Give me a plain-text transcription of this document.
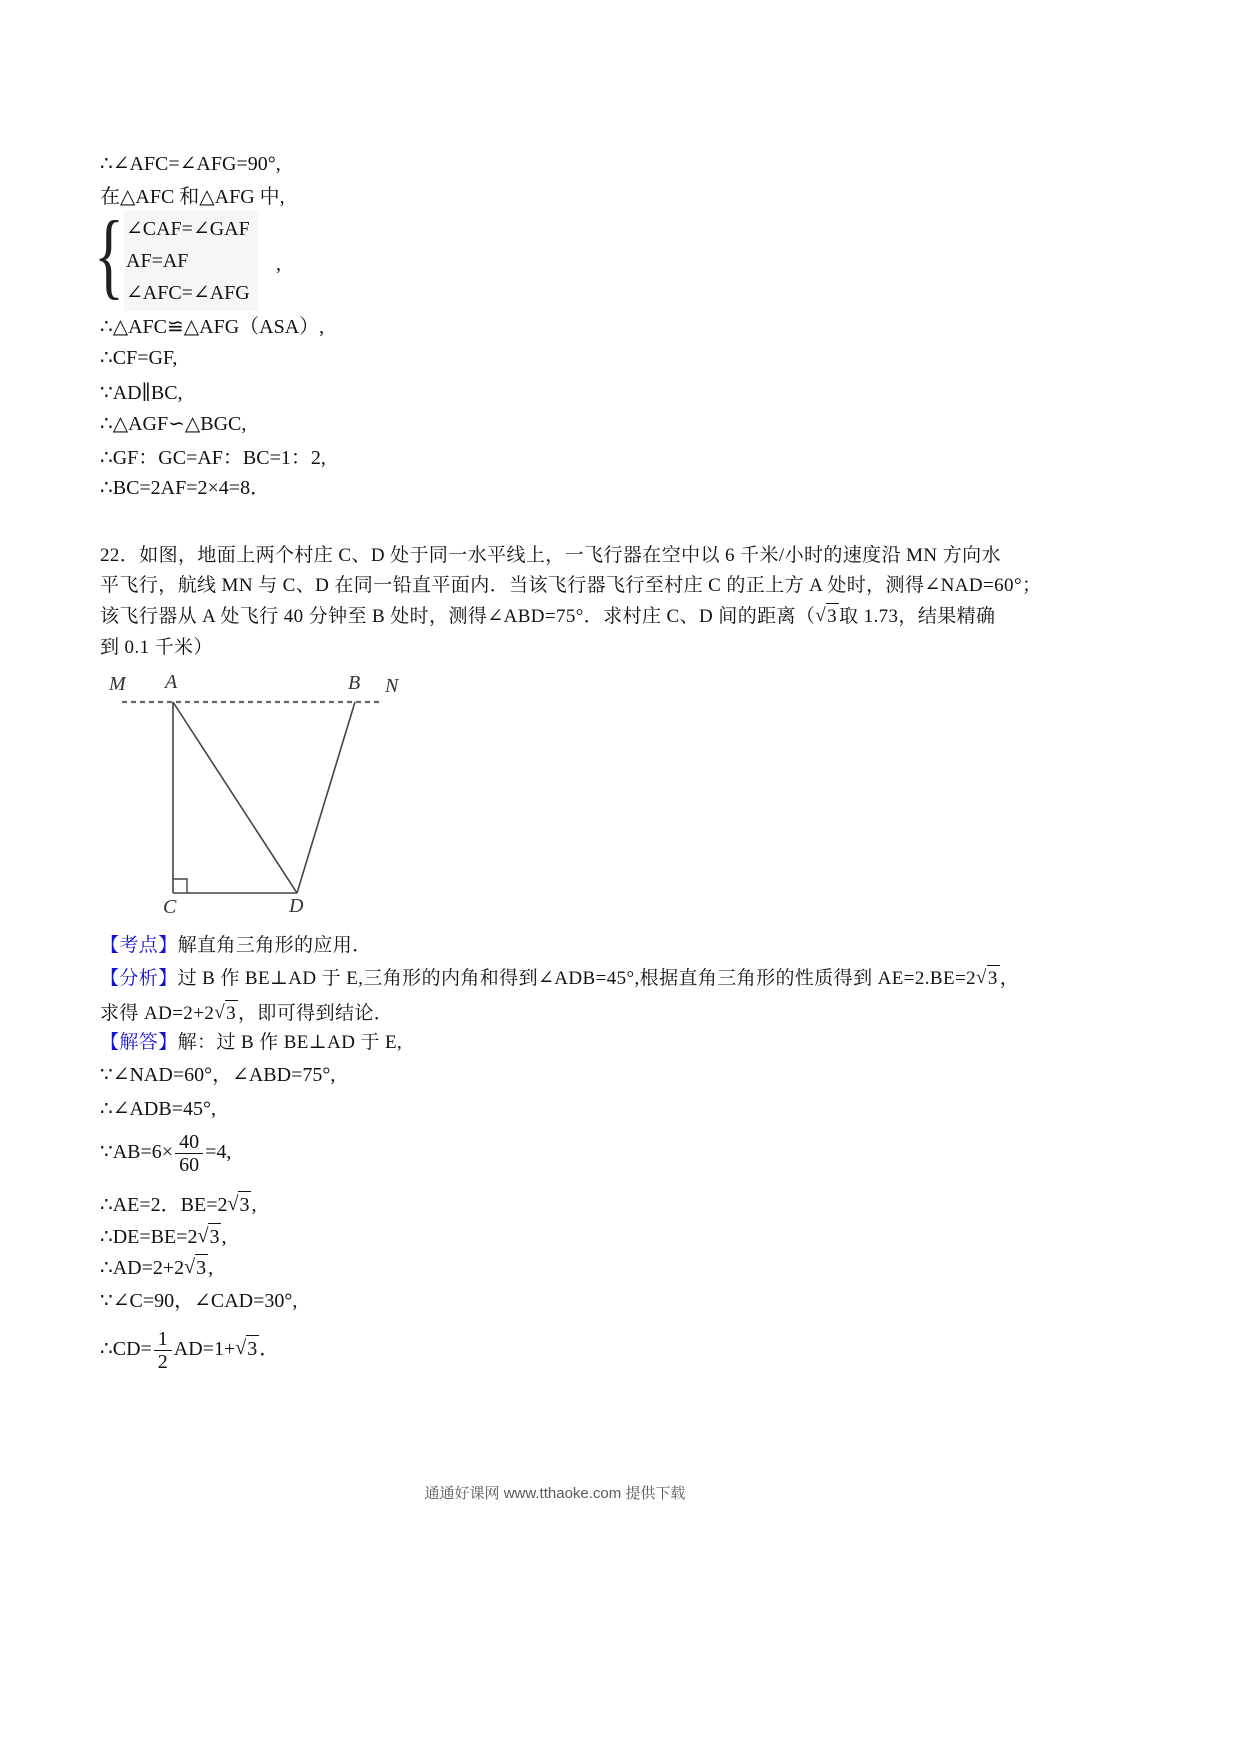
∴∠AFC=∠AFG=90°,
在△AFC 和△AFG 中,
{ ∠CAF=∠GAF
AF=AF
∠AFC=∠AFG
,
∴△AFC≌△AFG（ASA）,
∴CF=GF,
∵AD∥BC,
∴△AGF∽△BGC,
∴GF：GC=AF：BC=1：2,
∴BC=2AF=2×4=8．
22．如图，地面上两个村庄 C、D 处于同一水平线上，一飞行器在空中以 6 千米/小时的速度沿 MN 方向水
平飞行，航线 MN 与 C、D 在同一铅直平面内．当该飞行器飞行至村庄 C 的正上方 A 处时，测得∠NAD=60°；
该飞行器从 A 处飞行 40 分钟至 B 处时，测得∠ABD=75°．求村庄 C、D 间的距离（√3 取 1.73，结果精确
到 0.1 千米）
M A	B N
C	D
【考点】解直角三角形的应用．
【分析】过 B 作 BE⊥AD 于 E,三角形的内角和得到∠ADB=45°,根据直角三角形的性质得到 AE=2.BE=2√3 ，
求得 AD=2+2√3 ，即可得到结论．
【解答】解：过 B 作 BE⊥AD 于 E,
∵∠NAD=60°，∠ABD=75°,
∴∠ADB=45°,
∵AB=6× $\frac{40}{60} =4$,
∴AE=2．BE=2√3 ,
∴DE=BE=2√3 ,
∴AD=2+2√3 ,
∵∠C=90，∠CAD=30°,
∴CD= $\frac{1}{2} AD=1+√3$ ．
通通好课网 www.tthaoke.com 提供下载
